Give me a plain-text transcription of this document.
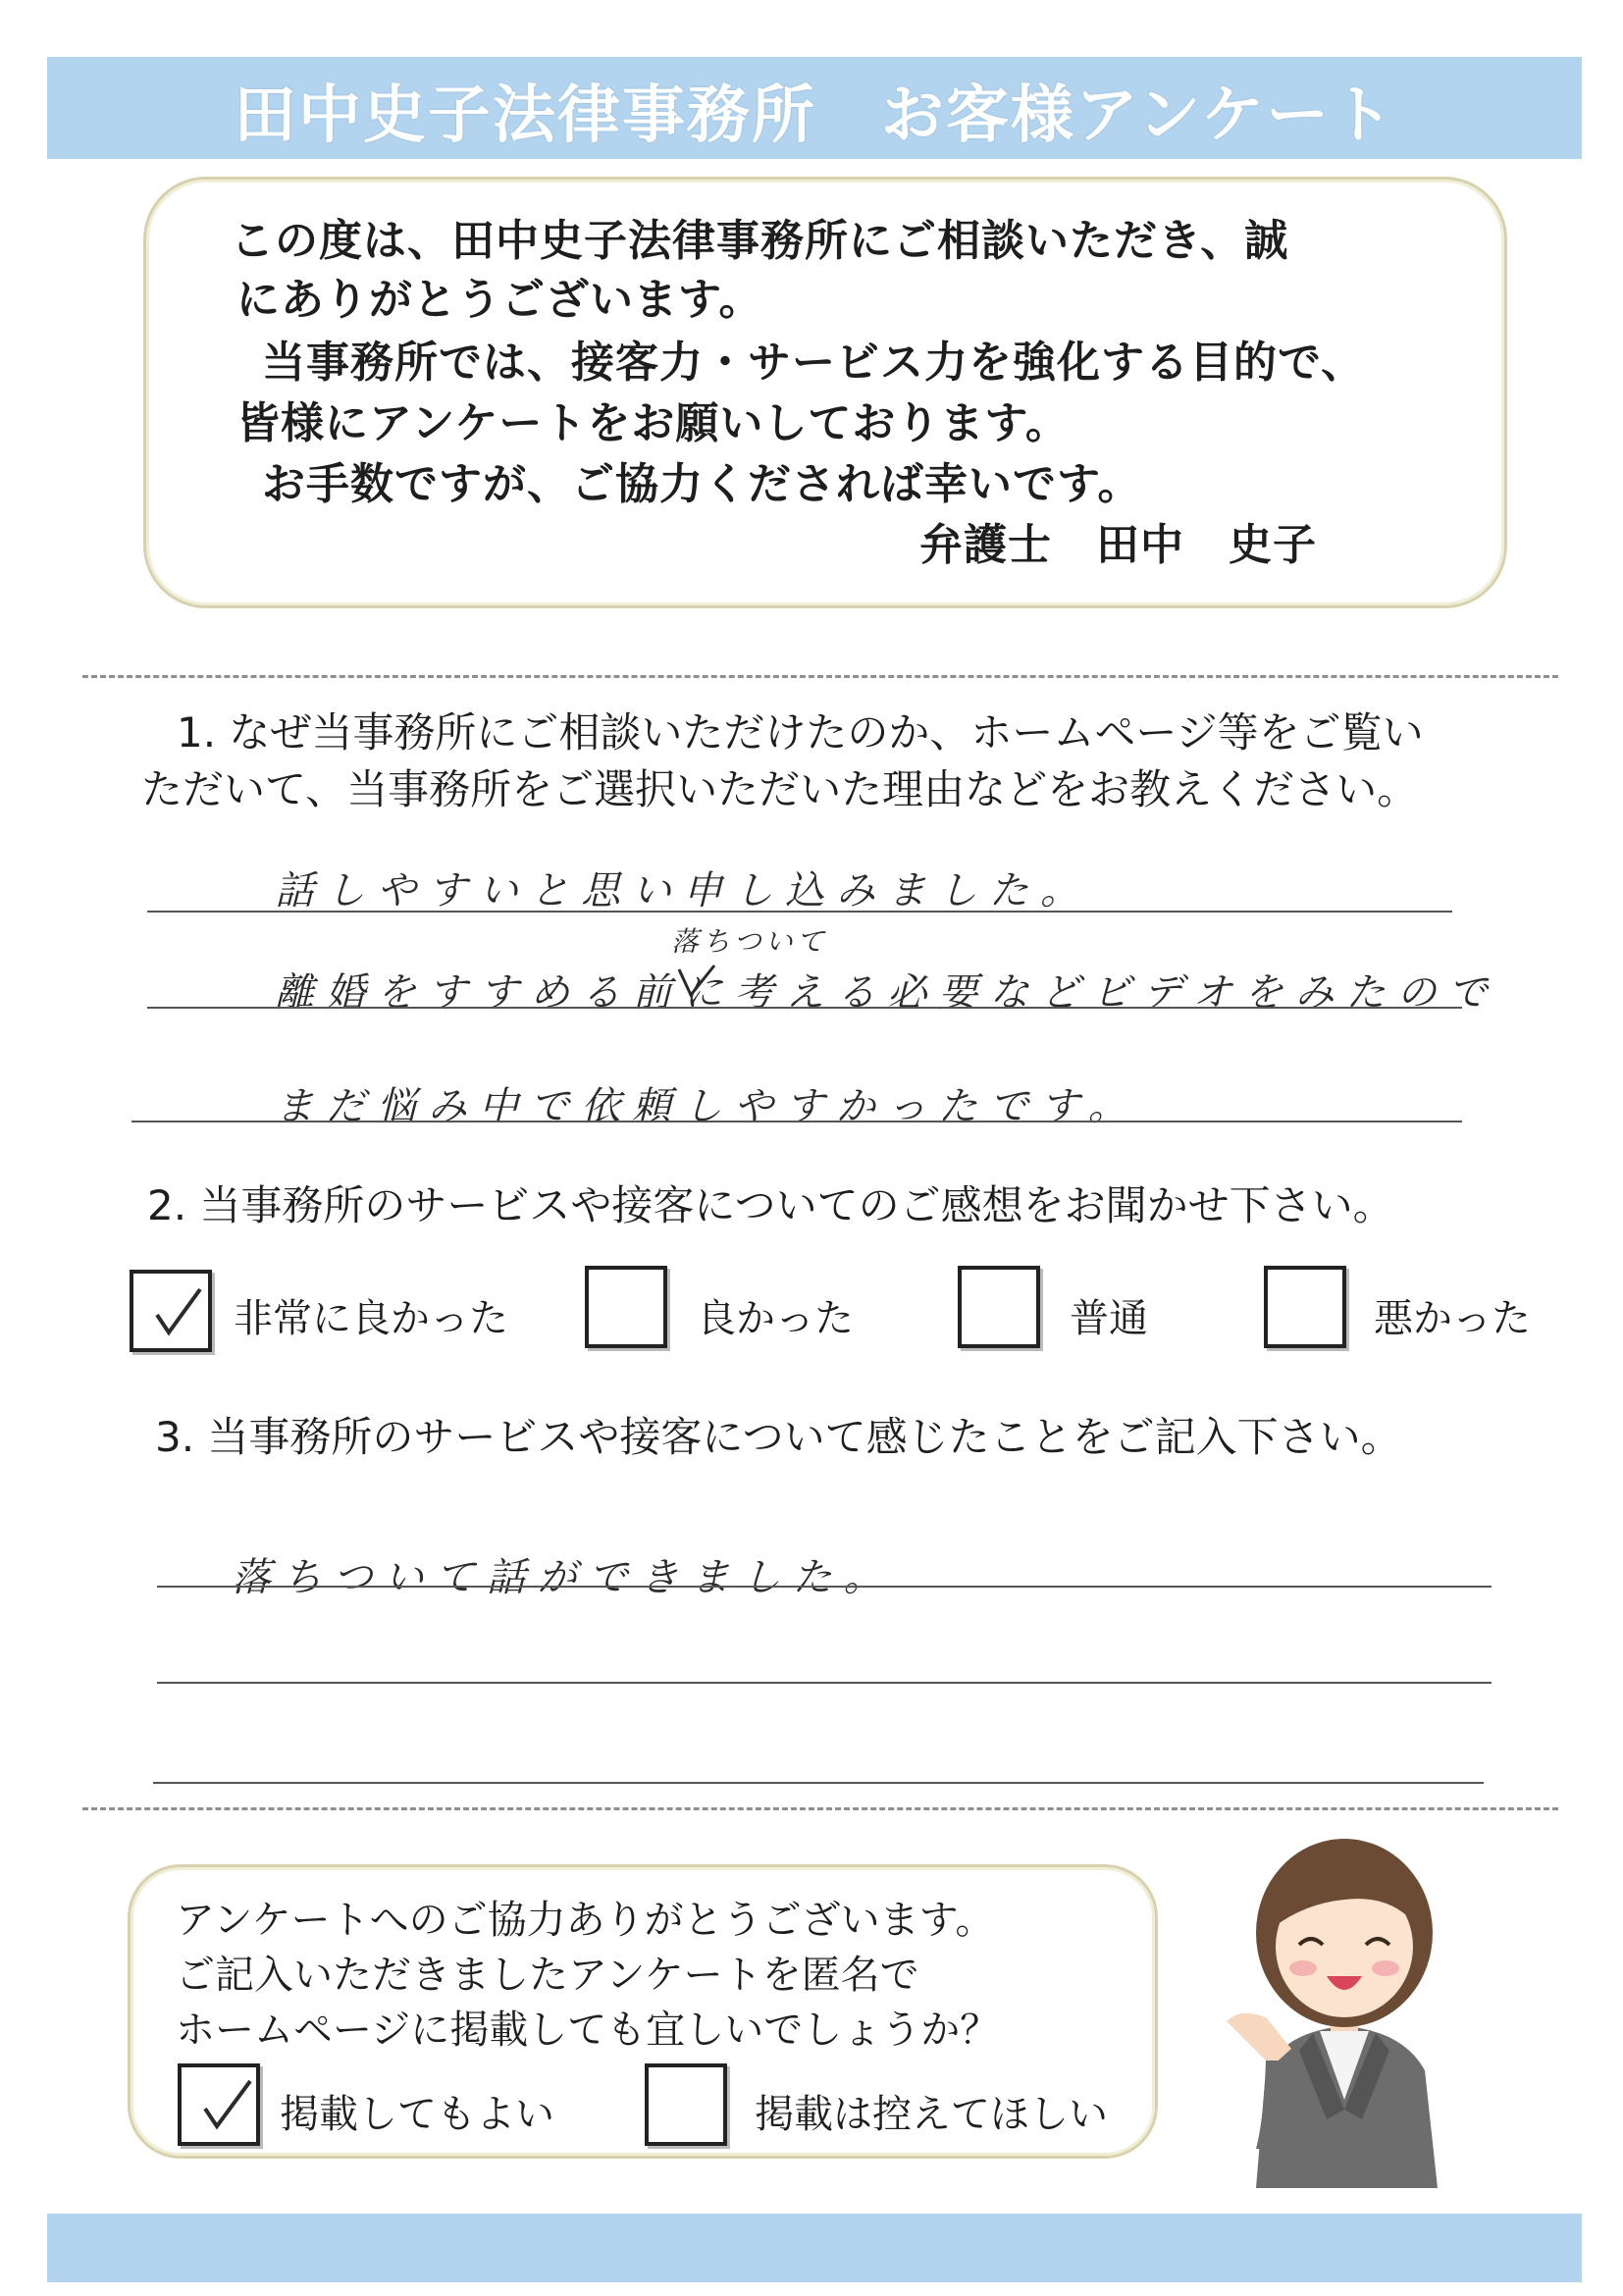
田中史子法律事務所　お客様アンケート
この度は、田中史子法律事務所にご相談いただき、誠
にありがとうございます。
当事務所では、接客力・サービス力を強化する目的で、
皆様にアンケートをお願いしております。
お手数ですが、ご協力くだされば幸いです。
弁護士　田中　史子
1. なぜ当事務所にご相談いただけたのか、ホームページ等をご覧い
ただいて、当事務所をご選択いただいた理由などをお教えください。
話しやすいと思い申し込みました。
落ちついて
離婚をすすめる前に考える必要などビデオをみたので
まだ悩み中で依頼しやすかったです。
2. 当事務所のサービスや接客についてのご感想をお聞かせ下さい。
非常に良かった	良かった	普通	悪かった
3. 当事務所のサービスや接客について感じたことをご記入下さい。
落ちついて話ができました。
アンケートへのご協力ありがとうございます。
ご記入いただきましたアンケートを匿名で
ホームページに掲載しても宜しいでしょうか？
掲載してもよい	掲載は控えてほしい
